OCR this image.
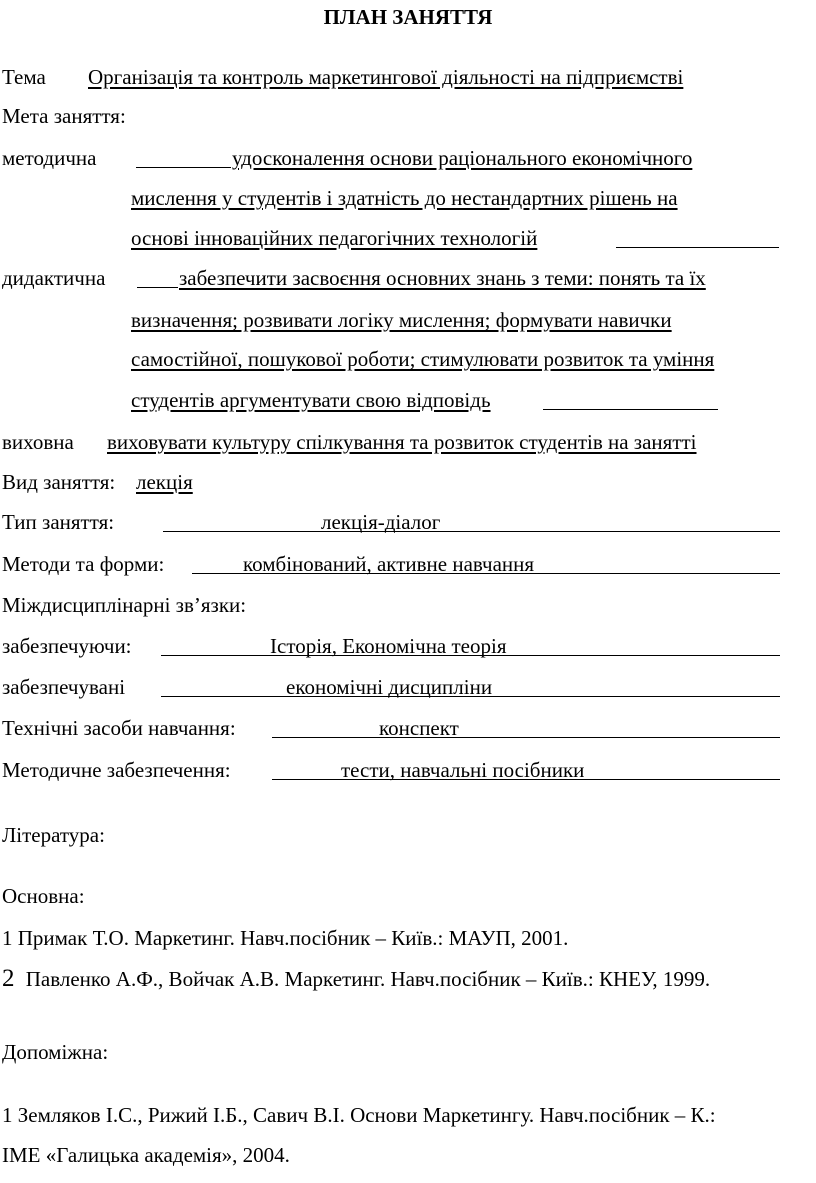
ПЛАН ЗАНЯТТЯ
Тема Організація та контроль маркетингової діяльності на підприємстві
Мета заняття:
методична	удосконалення основи раціонального економічного
мислення у студентів і здатність до нестандартних рішень на
основі інноваційних педагогічних технологій
дидактична	забезпечити засвоєння основних знань з теми: понять та їх
визначення; розвивати логіку мислення; формувати навички
самостійної, пошукової роботи; стимулювати розвиток та уміння
студентів аргументувати свою відповідь
виховна виховувати культуру спілкування та розвиток студентів на занятті
Вид заняття: лекція
Тип заняття:	лекція-діалог
Методи та форми:	комбінований, активне навчання
Міждисциплінарні зв’язки:
забезпечуючи:	Історія, Економічна теорія
забезпечувані	економічні дисципліни
Технічні засоби навчання:	конспект
Методичне забезпечення:	тести, навчальні посібники
Література:
Основна:
1 Примак Т.О. Маркетинг. Навч.посібник – Київ.: МАУП, 2001.
2 Павленко А.Ф., Войчак А.В. Маркетинг. Навч.посібник – Київ.: КНЕУ, 1999.
Допоміжна:
1 Земляков І.С., Рижий І.Б., Савич В.І. Основи Маркетингу. Навч.посібник – К.:
ІМЕ «Галицька академія», 2004.
